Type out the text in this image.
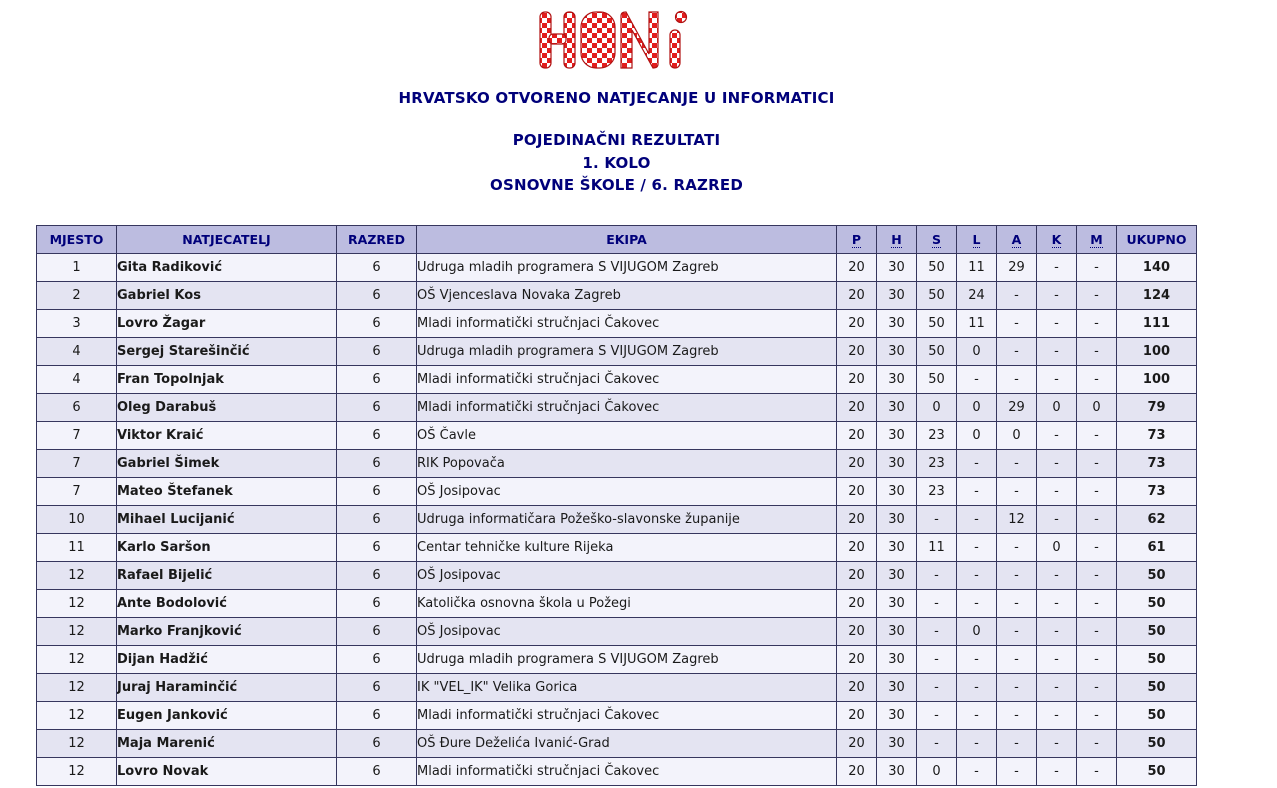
HRVATSKO OTVORENO NATJECANJE U INFORMATICI
POJEDINAČNI REZULTATI
1. KOLO
OSNOVNE ŠKOLE / 6. RAZRED
MJESTO	NATJECATELJ	RAZRED	EKIPA	P	H	S	L	A	K	M	UKUPNO
1	Gita Radiković	6	Udruga mladih programera S VIJUGOM Zagreb	20	30	50	11	29	-	-	140
2	Gabriel Kos	6	OŠ Vjenceslava Novaka Zagreb	20	30	50	24	-	-	-	124
3	Lovro Žagar	6	Mladi informatički stručnjaci Čakovec	20	30	50	11	-	-	-	111
4	Sergej Starešinčić	6	Udruga mladih programera S VIJUGOM Zagreb	20	30	50	0	-	-	-	100
4	Fran Topolnjak	6	Mladi informatički stručnjaci Čakovec	20	30	50	-	-	-	-	100
6	Oleg Darabuš	6	Mladi informatički stručnjaci Čakovec	20	30	0	0	29	0	0	79
7	Viktor Kraić	6	OŠ Čavle	20	30	23	0	0	-	-	73
7	Gabriel Šimek	6	RIK Popovača	20	30	23	-	-	-	-	73
7	Mateo Štefanek	6	OŠ Josipovac	20	30	23	-	-	-	-	73
10	Mihael Lucijanić	6	Udruga informatičara Požeško-slavonske županije	20	30	-	-	12	-	-	62
11	Karlo Saršon	6	Centar tehničke kulture Rijeka	20	30	11	-	-	0	-	61
12	Rafael Bijelić	6	OŠ Josipovac	20	30	-	-	-	-	-	50
12	Ante Bodolović	6	Katolička osnovna škola u Požegi	20	30	-	-	-	-	-	50
12	Marko Franjković	6	OŠ Josipovac	20	30	-	0	-	-	-	50
12	Dijan Hadžić	6	Udruga mladih programera S VIJUGOM Zagreb	20	30	-	-	-	-	-	50
12	Juraj Haraminčić	6	IK "VEL_IK" Velika Gorica	20	30	-	-	-	-	-	50
12	Eugen Janković	6	Mladi informatički stručnjaci Čakovec	20	30	-	-	-	-	-	50
12	Maja Marenić	6	OŠ Đure Deželića Ivanić-Grad	20	30	-	-	-	-	-	50
12	Lovro Novak	6	Mladi informatički stručnjaci Čakovec	20	30	0	-	-	-	-	50
